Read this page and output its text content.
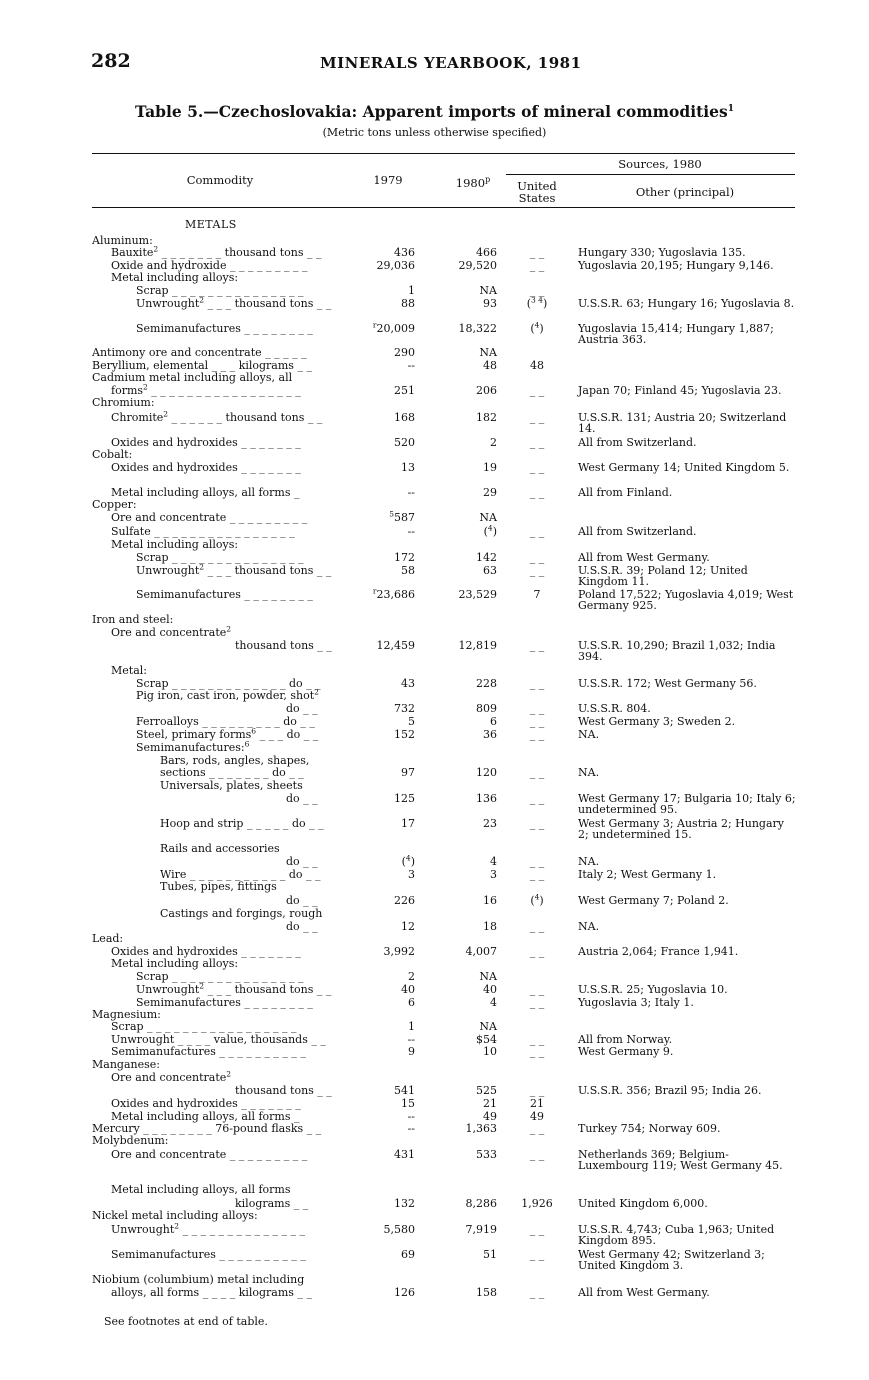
282	MINERALS YEARBOOK, 1981
Table 5.—Czechoslovakia: Apparent imports of mineral commodities$^1$
(Metric tons unless otherwise specified)
Commodity	1979	1980$^p$
Sources, 1980
United
States	Other (principal)
METALS
Aluminum:
Bauxite$^2$ _ _ _ _ _ _ _ thousand tons _ _	436	466	_ _	Hungary 330; Yugoslavia 135.
Oxide and hydroxide _ _ _ _ _ _ _ _ _	29,036	29,520	_ _	Yugoslavia 20,195; Hungary 9,146.
Metal including alloys:
Scrap _ _ _ _ _ _ _ _ _ _ _ _ _ _ _	1	NA	_ _
Unwrought$^2$ _ _ _ thousand tons _ _	88	93	($^{3 4}$)	U.S.S.R. 63; Hungary 16; Yugoslavia 8.
Semimanufactures _ _ _ _ _ _ _ _	$^r$20,009	18,322	($^4$)	Yugoslavia 15,414; Hungary 1,887; Austria 363.
Antimony ore and concentrate _ _ _ _ _	290	NA
Beryllium, elemental _ _ _ kilograms _ _	--	48	48
Cadmium metal including alloys, all
forms$^2$ _ _ _ _ _ _ _ _ _ _ _ _ _ _ _ _ _	251	206	_ _	Japan 70; Finland 45; Yugoslavia 23.
Chromium:
Chromite$^2$ _ _ _ _ _ _ thousand tons _ _	168	182	_ _	U.S.S.R. 131; Austria 20; Switzerland 14.
Oxides and hydroxides _ _ _ _ _ _ _	520	2	_ _	All from Switzerland.
Cobalt:
Oxides and hydroxides _ _ _ _ _ _ _	13	19	_ _	West Germany 14; United Kingdom 5.
Metal including alloys, all forms _	--	29	_ _	All from Finland.
Copper:
Ore and concentrate _ _ _ _ _ _ _ _ _	$^5$587	NA
Sulfate _ _ _ _ _ _ _ _ _ _ _ _ _ _ _ _	--	($^4$)	_ _	All from Switzerland.
Metal including alloys:
Scrap _ _ _ _ _ _ _ _ _ _ _ _ _ _ _	172	142	_ _	All from West Germany.
Unwrought$^2$ _ _ _ thousand tons _ _	58	63	_ _	U.S.S.R. 39; Poland 12; United Kingdom 11.
Semimanufactures _ _ _ _ _ _ _ _	$^r$23,686	23,529	7	Poland 17,522; Yugoslavia 4,019; West Germany 925.
Iron and steel:
Ore and concentrate$^2$
thousand tons _ _	12,459	12,819	_ _	U.S.S.R. 10,290; Brazil 1,032; India 394.
Metal:
Scrap _ _ _ _ _ _ _ _ _ _ _ _ _ do _ _	43	228	_ _	U.S.S.R. 172; West Germany 56.
Pig iron, cast iron, powder, shot$^2$
do _ _	732	809	_ _	U.S.S.R. 804.
Ferroalloys _ _ _ _ _ _ _ _ _ do _ _	5	6	_ _	West Germany 3; Sweden 2.
Steel, primary forms$^6$ _ _ _ do _ _	152	36	_ _	NA.
Semimanufactures:$^6$
Bars, rods, angles, shapes,
sections _ _ _ _ _ _ _ do _ _	97	120	_ _	NA.
Universals, plates, sheets
do _ _	125	136	_ _	West Germany 17; Bulgaria 10; Italy 6; undetermined 95.
Hoop and strip _ _ _ _ _ do _ _	17	23	_ _	West Germany 3; Austria 2; Hungary 2; undetermined 15.
Rails and accessories
do _ _	($^4$)	4	_ _	NA.
Wire _ _ _ _ _ _ _ _ _ _ _ do _ _	3	3	_ _	Italy 2; West Germany 1.
Tubes, pipes, fittings
do _ _	226	16	($^4$)	West Germany 7; Poland 2.
Castings and forgings, rough
do _ _	12	18	_ _	NA.
Lead:
Oxides and hydroxides _ _ _ _ _ _ _	3,992	4,007	_ _	Austria 2,064; France 1,941.
Metal including alloys:
Scrap _ _ _ _ _ _ _ _ _ _ _ _ _ _ _	2	NA
Unwrought$^2$ _ _ _ thousand tons _ _	40	40	_ _	U.S.S.R. 25; Yugoslavia 10.
Semimanufactures _ _ _ _ _ _ _ _	6	4	_ _	Yugoslavia 3; Italy 1.
Magnesium:
Scrap _ _ _ _ _ _ _ _ _ _ _ _ _ _ _ _ _	1	NA
Unwrought _ _ _ _ value, thousands _ _	--	$54	_ _	All from Norway.
Semimanufactures _ _ _ _ _ _ _ _ _ _	9	10	_ _	West Germany 9.
Manganese:
Ore and concentrate$^2$
thousand tons _ _	541	525	_ _	U.S.S.R. 356; Brazil 95; India 26.
Oxides and hydroxides _ _ _ _ _ _ _	15	21	21
Metal including alloys, all forms _	--	49	49
Mercury _ _ _ _ _ _ _ _ 76-pound flasks _ _	--	1,363	_ _	Turkey 754; Norway 609.
Molybdenum:
Ore and concentrate _ _ _ _ _ _ _ _ _	431	533	_ _	Netherlands 369; Belgium-Luxembourg 119; West Germany 45.
Metal including alloys, all forms
kilograms _ _	132	8,286	1,926	United Kingdom 6,000.
Nickel metal including alloys:
Unwrought$^2$ _ _ _ _ _ _ _ _ _ _ _ _ _ _	5,580	7,919	_ _	U.S.S.R. 4,743; Cuba 1,963; United Kingdom 895.
Semimanufactures _ _ _ _ _ _ _ _ _ _	69	51	_ _	West Germany 42; Switzerland 3; United Kingdom 3.
Niobium (columbium) metal including
alloys, all forms _ _ _ _ kilograms _ _	126	158	_ _	All from West Germany.
See footnotes at end of table.
